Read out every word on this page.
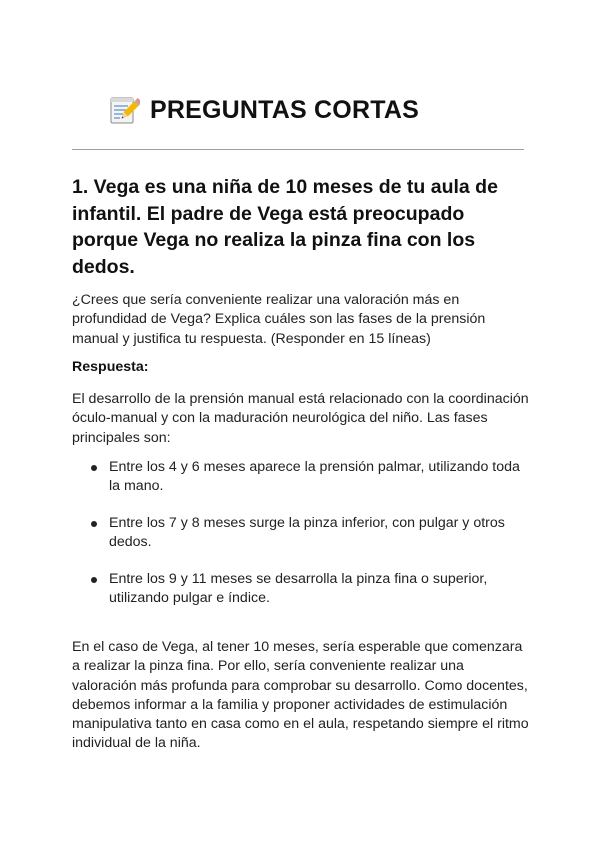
PREGUNTAS CORTAS
1. Vega es una niña de 10 meses de tu aula de infantil. El padre de Vega está preocupado porque Vega no realiza la pinza fina con los dedos.

¿Crees que sería conveniente realizar una valoración más en profundidad de Vega? Explica cuáles son las fases de la prensión manual y justifica tu respuesta. (Responder en 15 líneas)

Respuesta:

El desarrollo de la prensión manual está relacionado con la coordinación óculo-manual y con la maduración neurológica del niño. Las fases principales son:

Entre los 4 y 6 meses aparece la prensión palmar, utilizando toda la mano.
Entre los 7 y 8 meses surge la pinza inferior, con pulgar y otros dedos.
Entre los 9 y 11 meses se desarrolla la pinza fina o superior, utilizando pulgar e índice.

En el caso de Vega, al tener 10 meses, sería esperable que comenzara a realizar la pinza fina. Por ello, sería conveniente realizar una valoración más profunda para comprobar su desarrollo. Como docentes, debemos informar a la familia y proponer actividades de estimulación manipulativa tanto en casa como en el aula, respetando siempre el ritmo individual de la niña.
